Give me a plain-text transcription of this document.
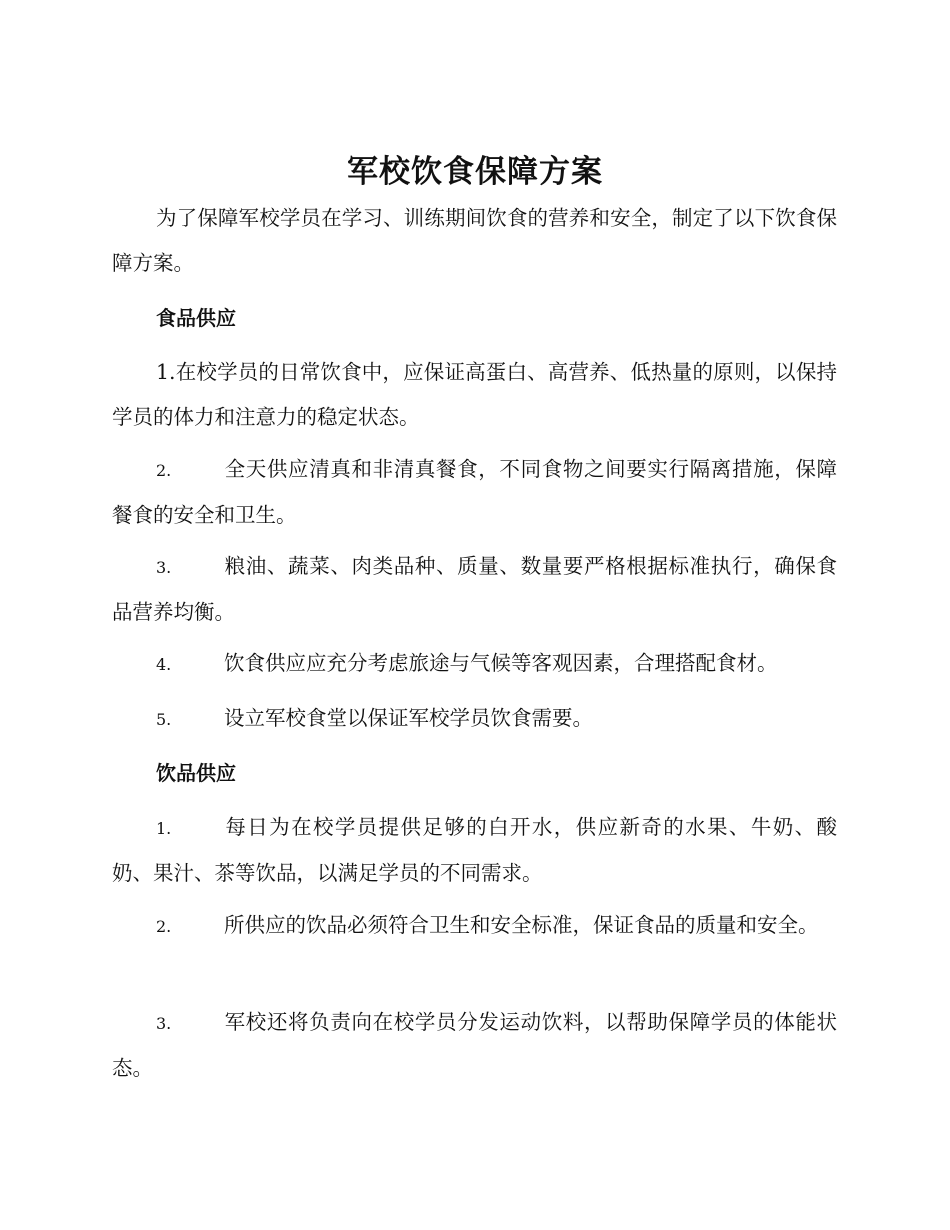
军校饮食保障方案

为了保障军校学员在学习、训练期间饮食的营养和安全，制定了以下饮食保障方案。

食品供应

1.在校学员的日常饮食中，应保证高蛋白、高营养、低热量的原则，以保持学员的体力和注意力的稳定状态。

2.	全天供应清真和非清真餐食，不同食物之间要实行隔离措施，保障餐食的安全和卫生。

3.	粮油、蔬菜、肉类品种、质量、数量要严格根据标准执行，确保食品营养均衡。

4.	饮食供应应充分考虑旅途与气候等客观因素，合理搭配食材。

5.	设立军校食堂以保证军校学员饮食需要。

饮品供应

1.	每日为在校学员提供足够的白开水，供应新奇的水果、牛奶、酸奶、果汁、茶等饮品，以满足学员的不同需求。

2.	所供应的饮品必须符合卫生和安全标准，保证食品的质量和安全。

3.	军校还将负责向在校学员分发运动饮料，以帮助保障学员的体能状态。
